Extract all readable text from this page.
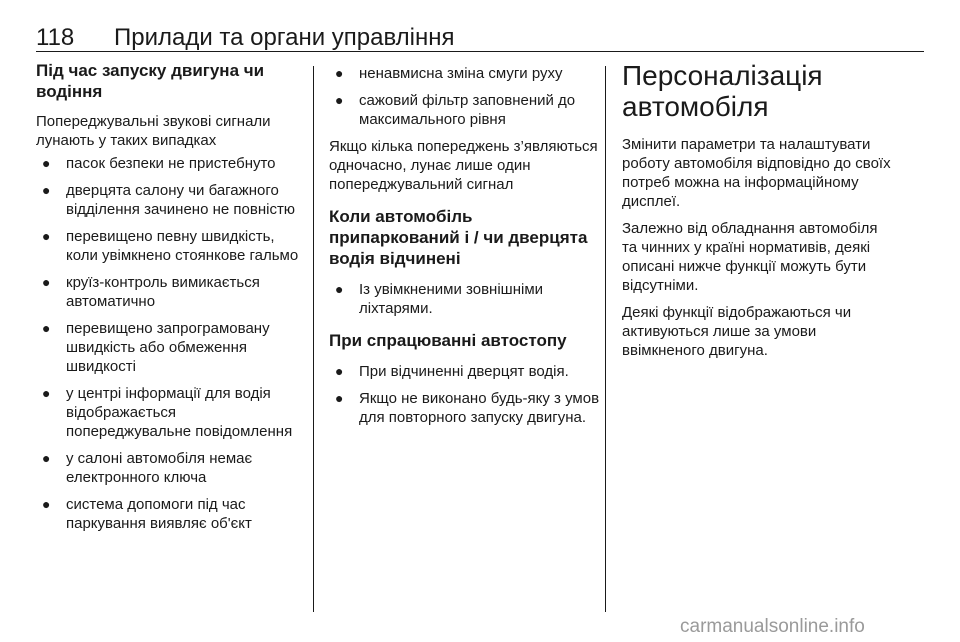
118 Прилади та органи управління
Під час запуску двигуна чи водіння

Попереджувальні звукові сигнали лунають у таких випадках

● пасок безпеки не пристебнуто
● дверцята салону чи багажного відділення зачинено не повністю
● перевищено певну швидкість, коли увімкнено стоянкове гальмо
● круїз-контроль вимикається автоматично
● перевищено запрограмовану швидкість або обмеження швидкості
● у центрі інформації для водія відображається попереджувальне повідомлення
● у салоні автомобіля немає електронного ключа
● система допомоги під час паркування виявляє об'єкт
● ненавмисна зміна смуги руху
● сажовий фільтр заповнений до максимального рівня

Якщо кілька попереджень з’являються одночасно, лунає лише один попереджувальний сигнал

Коли автомобіль припаркований і / чи дверцята водія відчинені
● Із увімкненими зовнішніми ліхтарями.
При спрацюванні автостопу
● При відчиненні дверцят водія.
● Якщо не виконано будь-яку з умов для повторного запуску двигуна.
Персоналізація автомобіля

Змінити параметри та налаштувати роботу автомобіля відповідно до своїх потреб можна на інформаційному дисплеї.

Залежно від обладнання автомобіля та чинних у країні нормативів, деякі описані нижче функції можуть бути відсутніми.

Деякі функції відображаються чи активуються лише за умови ввімкненого двигуна.

carmanualsonline.info
